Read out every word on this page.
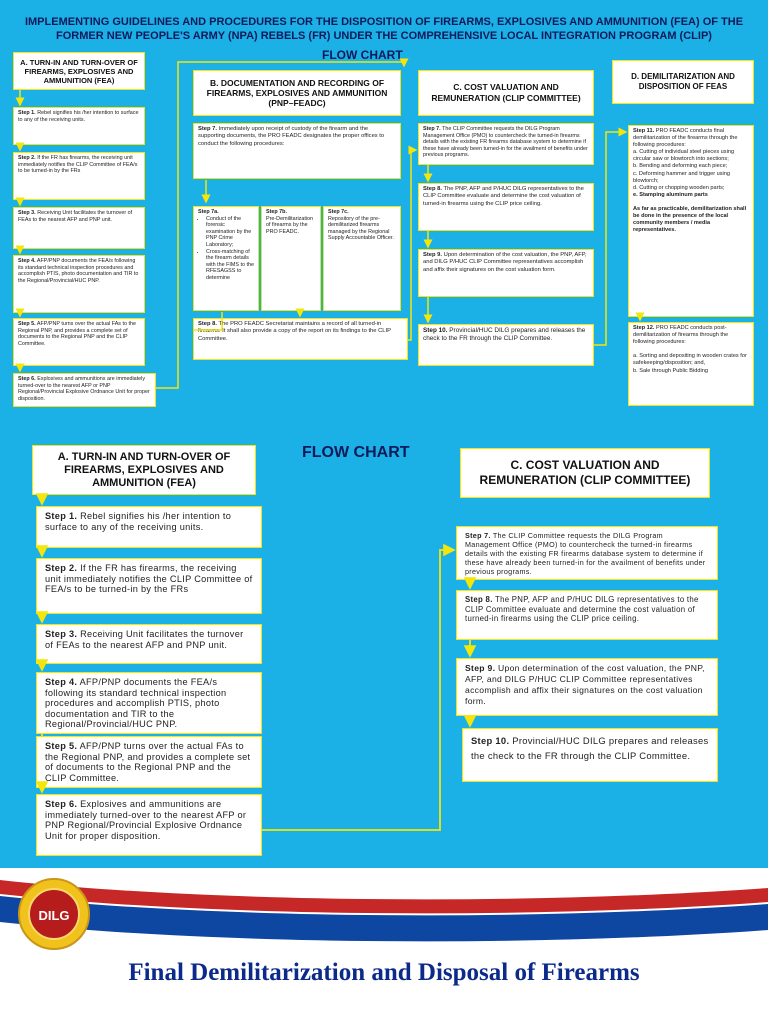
IMPLEMENTING GUIDELINES AND PROCEDURES FOR THE DISPOSITION OF FIREARMS, EXPLOSIVES AND AMMUNITION (FEA) OF THE FORMER NEW PEOPLE'S ARMY (NPA) REBELS (FR) UNDER THE COMPREHENSIVE LOCAL INTEGRATION PROGRAM (CLIP)
FLOW CHART
A. TURN-IN AND TURN-OVER OF FIREARMS, EXPLOSIVES AND AMMUNITION (FEA)
Step 1. Rebel signifies his /her intention to surface to any of the receiving units.
Step 2. If the FR has firearms, the receiving unit immediately notifies the CLIP Committee of FEA/s to be turned-in by the FRs
Step 3. Receiving Unit facilitates the turnover of FEAs to the nearest AFP and PNP unit.
Step 4. AFP/PNP documents the FEA/s following its standard technical inspection procedures and accomplish PTIS, photo documentation and TIR to the Regional/Provincial/HUC PNP.
Step 5. AFP/PNP turns over the actual FAs to the Regional PNP, and provides a complete set of documents to the Regional PNP and the CLIP Committee.
Step 6. Explosives and ammunitions are immediately turned-over to the nearest AFP or PNP Regional/Provincial Explosive Ordnance Unit for proper disposition.
B. DOCUMENTATION AND RECORDING OF FIREARMS, EXPLOSIVES AND AMMUNITION (PNP–FEADC)
Step 7. Immediately upon receipt of custody of the firearm and the supporting documents, the PRO FEADC designates the proper offices to conduct the following procedures:
Step 7a.
• Conduct of the forensic examination by the PNP Crime Laboratory;
• Cross-matching of the firearm details with the FIMS to the RFESAGSS to determine
Step 7b.
Pre-Demilitarization of firearms by the PRO FEADC.
Step 7c.
Repository of the pre-demilitarized firearms managed by the Regional Supply Accountable Officer.
Step 8. The PRO FEADC Secretariat maintains a record of all turned-in firearms. It shall also provide a copy of the report on its findings to the CLIP Committee.
C. COST VALUATION AND REMUNERATION (CLIP COMMITTEE)
Step 7. The CLIP Committee requests the DILG Program Management Office (PMO) to countercheck the turned-in firearms details with the existing FR firearms database system to determine if these have already been turned-in for the availment of benefits under previous programs.
Step 8. The PNP, AFP and P/HUC DILG representatives to the CLIP Committee evaluate and determine the cost valuation of turned-in firearms using the CLIP price ceiling.
Step 9. Upon determination of the cost valuation, the PNP, AFP, and DILG P/HUC CLIP Committee representatives accomplish and affix their signatures on the cost valuation form.
Step 10. Provincial/HUC DILG prepares and releases the check to the FR through the CLIP Committee.
D. DEMILITARIZATION AND DISPOSITION OF FEAS
Step 11. PRO FEADC conducts final demilitarization of the firearms through the following procedures:
a. Cutting of individual steel pieces using circular saw or blowtorch into sections;
b. Bending and deforming each piece;
c. Deforming hammer and trigger using blowtorch;
d. Cutting or chopping wooden parts;
e. Stamping aluminum parts

As far as practicable, demilitarization shall be done in the presence of the local community members / media representatives.
Step 12. PRO FEADC conducts post-demilitarization of firearms through the following procedures:

a. Sorting and depositing in wooden crates for safekeeping/disposition; and,
b. Sale through Public Bidding
FLOW CHART
A. TURN-IN AND TURN-OVER OF FIREARMS, EXPLOSIVES AND AMMUNITION (FEA)
Step 1. Rebel signifies his /her intention to surface to any of the receiving units.
Step 2. If the FR has firearms, the receiving unit immediately notifies the CLIP Committee of FEA/s to be turned-in by the FRs
Step 3. Receiving Unit facilitates the turnover of FEAs to the nearest AFP and PNP unit.
Step 4. AFP/PNP documents the FEA/s following its standard technical inspection procedures and accomplish PTIS, photo documentation and TIR to the Regional/Provincial/HUC PNP.
Step 5. AFP/PNP turns over the actual FAs to the Regional PNP, and provides a complete set of documents to the Regional PNP and the CLIP Committee.
Step 6. Explosives and ammunitions are immediately turned-over to the nearest AFP or PNP Regional/Provincial Explosive Ordnance Unit for proper disposition.
C. COST VALUATION AND REMUNERATION (CLIP COMMITTEE)
Step 7. The CLIP Committee requests the DILG Program Management Office (PMO) to countercheck the turned-in firearms details with the existing FR firearms database system to determine if these have already been turned-in for the availment of benefits under previous programs.
Step 8. The PNP, AFP and P/HUC DILG representatives to the CLIP Committee evaluate and determine the cost valuation of turned-in firearms using the CLIP price ceiling.
Step 9. Upon determination of the cost valuation, the PNP, AFP, and DILG P/HUC CLIP Committee representatives accomplish and affix their signatures on the cost valuation form.
Step 10. Provincial/HUC DILG prepares and releases the check to the FR through the CLIP Committee.
DILG
Final Demilitarization and Disposal of Firearms
